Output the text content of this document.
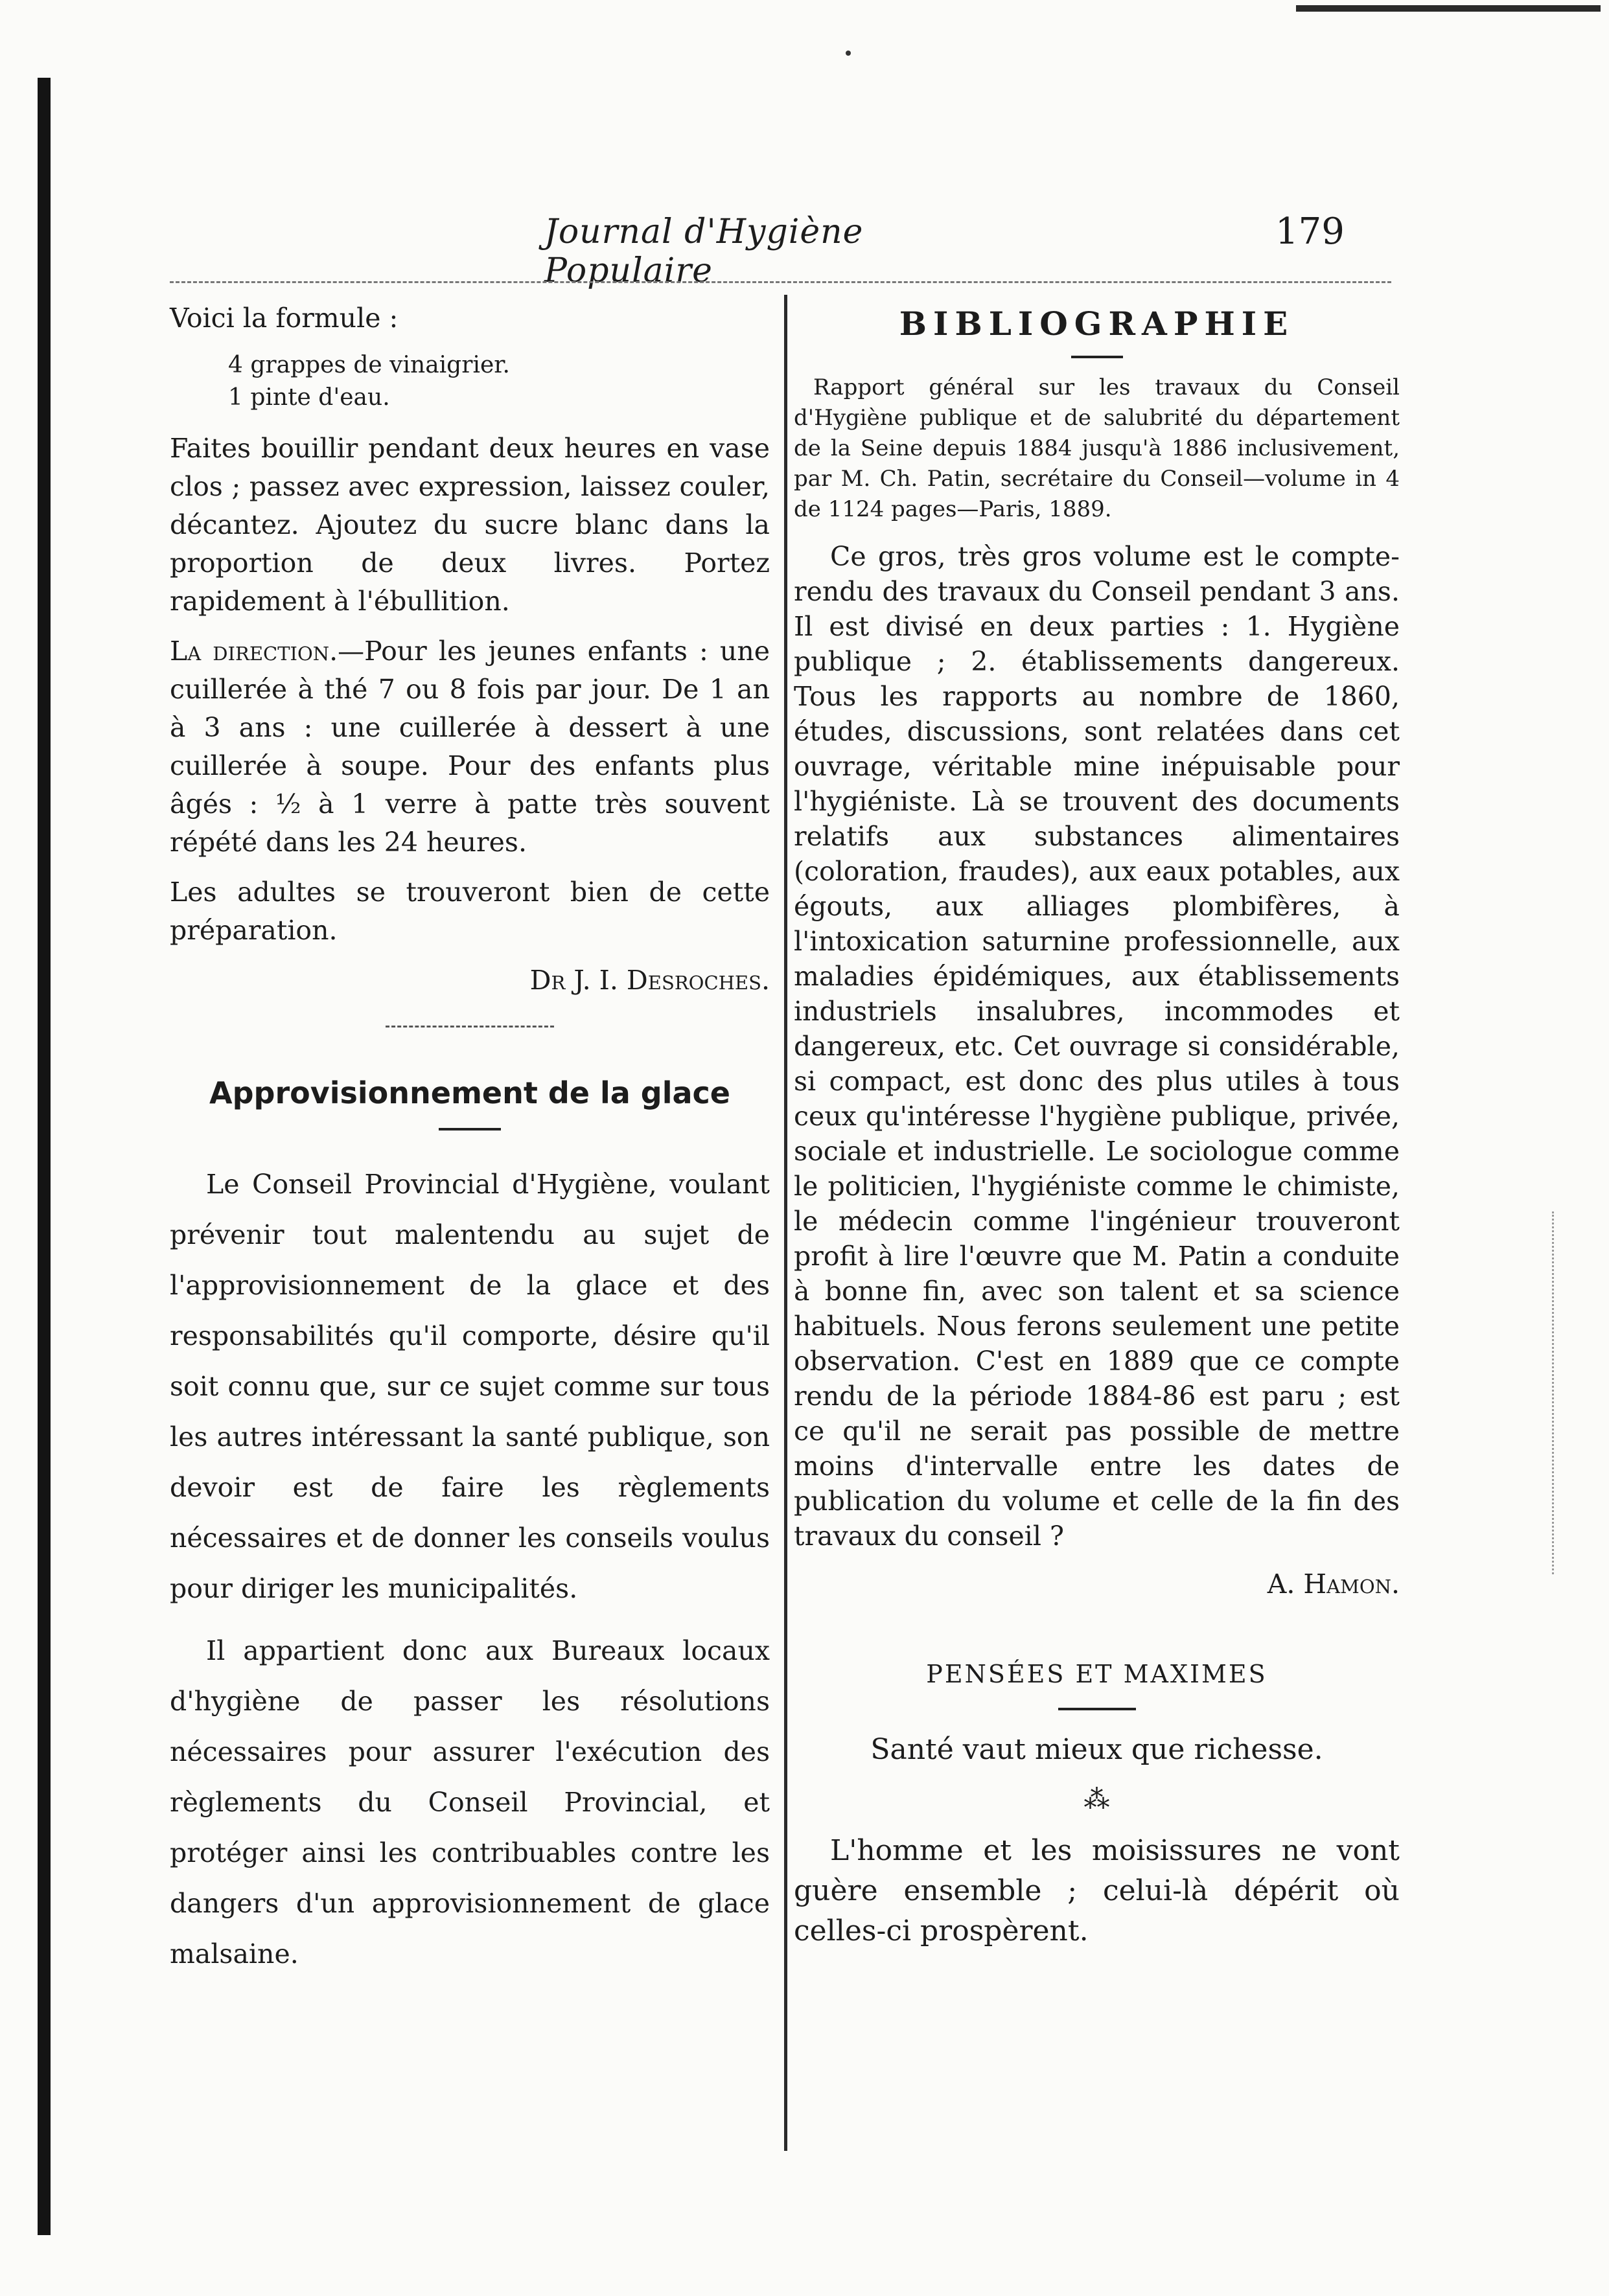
Journal d'Hygiène Populaire
179

Voici la formule :

4 grappes de vinaigrier.
1 pinte d'eau.

Faites bouillir pendant deux heures en vase clos ; passez avec expression, laissez couler, décantez. Ajoutez du sucre blanc dans la proportion de deux livres. Portez rapidement à l'ébullition.

La direction.—Pour les jeunes enfants : une cuillerée à thé 7 ou 8 fois par jour. De 1 an à 3 ans : une cuillerée à dessert à une cuillerée à soupe. Pour des enfants plus âgés : ½ à 1 verre à patte très souvent répété dans les 24 heures.

Les adultes se trouveront bien de cette préparation.

Dr J. I. Desroches.

Approvisionnement de la glace

Le Conseil Provincial d'Hygiène, voulant prévenir tout malentendu au sujet de l'approvisionnement de la glace et des responsabilités qu'il comporte, désire qu'il soit connu que, sur ce sujet comme sur tous les autres intéressant la santé publique, son devoir est de faire les règlements nécessaires et de donner les conseils voulus pour diriger les municipalités.

Il appartient donc aux Bureaux locaux d'hygiène de passer les résolutions nécessaires pour assurer l'exécution des règlements du Conseil Provincial, et protéger ainsi les contribuables contre les dangers d'un approvisionnement de glace malsaine.

BIBLIOGRAPHIE

Rapport général sur les travaux du Conseil d'Hygiène publique et de salubrité du département de la Seine depuis 1884 jusqu'à 1886 inclusivement, par M. Ch. Patin, secrétaire du Conseil—volume in 4 de 1124 pages—Paris, 1889.

Ce gros, très gros volume est le compte-rendu des travaux du Conseil pendant 3 ans. Il est divisé en deux parties : 1. Hygiène publique ; 2. établissements dangereux. Tous les rapports au nombre de 1860, études, discussions, sont relatées dans cet ouvrage, véritable mine inépuisable pour l'hygiéniste. Là se trouvent des documents relatifs aux substances alimentaires (coloration, fraudes), aux eaux potables, aux égouts, aux alliages plombifères, à l'intoxication saturnine professionnelle, aux maladies épidémiques, aux établissements industriels insalubres, incommodes et dangereux, etc. Cet ouvrage si considérable, si compact, est donc des plus utiles à tous ceux qu'intéresse l'hygiène publique, privée, sociale et industrielle. Le sociologue comme le politicien, l'hygiéniste comme le chimiste, le médecin comme l'ingénieur trouveront profit à lire l'œuvre que M. Patin a conduite à bonne fin, avec son talent et sa science habituels. Nous ferons seulement une petite observation. C'est en 1889 que ce compte rendu de la période 1884-86 est paru ; est ce qu'il ne serait pas possible de mettre moins d'intervalle entre les dates de publication du volume et celle de la fin des travaux du conseil ?

A. Hamon.

PENSÉES ET MAXIMES

Santé vaut mieux que richesse.

⁂

L'homme et les moisissures ne vont guère ensemble ; celui-là dépérit où celles-ci prospèrent.
